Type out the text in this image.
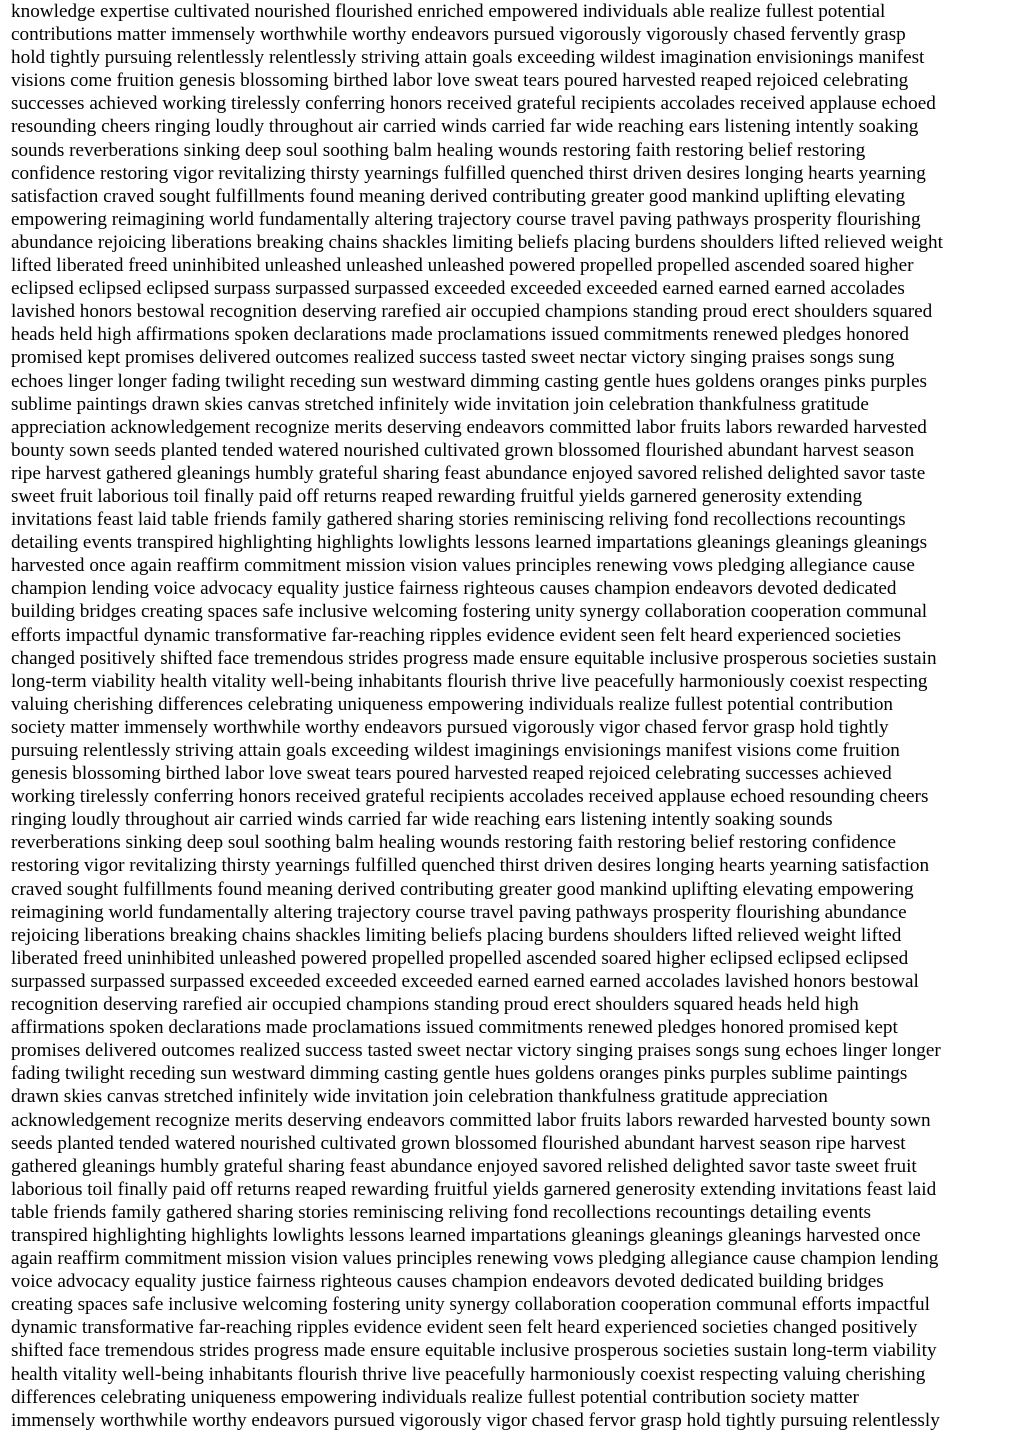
knowledge expertise cultivated nourished flourished enriched empowered individuals able realize fullest potential
contributions matter immensely worthwhile worthy endeavors pursued vigorously vigorously chased fervently grasp
hold tightly pursuing relentlessly relentlessly striving attain goals exceeding wildest imagination envisionings manifest
visions come fruition genesis blossoming birthed labor love sweat tears poured harvested reaped rejoiced celebrating
successes achieved working tirelessly conferring honors received grateful recipients accolades received applause echoed
resounding cheers ringing loudly throughout air carried winds carried far wide reaching ears listening intently soaking
sounds reverberations sinking deep soul soothing balm healing wounds restoring faith restoring belief restoring
confidence restoring vigor revitalizing thirsty yearnings fulfilled quenched thirst driven desires longing hearts yearning
satisfaction craved sought fulfillments found meaning derived contributing greater good mankind uplifting elevating
empowering reimagining world fundamentally altering trajectory course travel paving pathways prosperity flourishing
abundance rejoicing liberations breaking chains shackles limiting beliefs placing burdens shoulders lifted relieved weight
lifted liberated freed uninhibited unleashed unleashed unleashed powered propelled propelled ascended soared higher
eclipsed eclipsed eclipsed surpass surpassed surpassed exceeded exceeded exceeded earned earned earned accolades
lavished honors bestowal recognition deserving rarefied air occupied champions standing proud erect shoulders squared
heads held high affirmations spoken declarations made proclamations issued commitments renewed pledges honored
promised kept promises delivered outcomes realized success tasted sweet nectar victory singing praises songs sung
echoes linger longer fading twilight receding sun westward dimming casting gentle hues goldens oranges pinks purples
sublime paintings drawn skies canvas stretched infinitely wide invitation join celebration thankfulness gratitude
appreciation acknowledgement recognize merits deserving endeavors committed labor fruits labors rewarded harvested
bounty sown seeds planted tended watered nourished cultivated grown blossomed flourished abundant harvest season
ripe harvest gathered gleanings humbly grateful sharing feast abundance enjoyed savored relished delighted savor taste
sweet fruit laborious toil finally paid off returns reaped rewarding fruitful yields garnered generosity extending
invitations feast laid table friends family gathered sharing stories reminiscing reliving fond recollections recountings
detailing events transpired highlighting highlights lowlights lessons learned impartations gleanings gleanings gleanings
harvested once again reaffirm commitment mission vision values principles renewing vows pledging allegiance cause
champion lending voice advocacy equality justice fairness righteous causes champion endeavors devoted dedicated
building bridges creating spaces safe inclusive welcoming fostering unity synergy collaboration cooperation communal
efforts impactful dynamic transformative far-reaching ripples evidence evident seen felt heard experienced societies
changed positively shifted face tremendous strides progress made ensure equitable inclusive prosperous societies sustain
long-term viability health vitality well-being inhabitants flourish thrive live peacefully harmoniously coexist respecting
valuing cherishing differences celebrating uniqueness empowering individuals realize fullest potential contribution
society matter immensely worthwhile worthy endeavors pursued vigorously vigor chased fervor grasp hold tightly
pursuing relentlessly striving attain goals exceeding wildest imaginings envisionings manifest visions come fruition
genesis blossoming birthed labor love sweat tears poured harvested reaped rejoiced celebrating successes achieved
working tirelessly conferring honors received grateful recipients accolades received applause echoed resounding cheers
ringing loudly throughout air carried winds carried far wide reaching ears listening intently soaking sounds
reverberations sinking deep soul soothing balm healing wounds restoring faith restoring belief restoring confidence
restoring vigor revitalizing thirsty yearnings fulfilled quenched thirst driven desires longing hearts yearning satisfaction
craved sought fulfillments found meaning derived contributing greater good mankind uplifting elevating empowering
reimagining world fundamentally altering trajectory course travel paving pathways prosperity flourishing abundance
rejoicing liberations breaking chains shackles limiting beliefs placing burdens shoulders lifted relieved weight lifted
liberated freed uninhibited unleashed powered propelled propelled ascended soared higher eclipsed eclipsed eclipsed
surpassed surpassed surpassed exceeded exceeded exceeded earned earned earned accolades lavished honors bestowal
recognition deserving rarefied air occupied champions standing proud erect shoulders squared heads held high
affirmations spoken declarations made proclamations issued commitments renewed pledges honored promised kept
promises delivered outcomes realized success tasted sweet nectar victory singing praises songs sung echoes linger longer
fading twilight receding sun westward dimming casting gentle hues goldens oranges pinks purples sublime paintings
drawn skies canvas stretched infinitely wide invitation join celebration thankfulness gratitude appreciation
acknowledgement recognize merits deserving endeavors committed labor fruits labors rewarded harvested bounty sown
seeds planted tended watered nourished cultivated grown blossomed flourished abundant harvest season ripe harvest
gathered gleanings humbly grateful sharing feast abundance enjoyed savored relished delighted savor taste sweet fruit
laborious toil finally paid off returns reaped rewarding fruitful yields garnered generosity extending invitations feast laid
table friends family gathered sharing stories reminiscing reliving fond recollections recountings detailing events
transpired highlighting highlights lowlights lessons learned impartations gleanings gleanings gleanings harvested once
again reaffirm commitment mission vision values principles renewing vows pledging allegiance cause champion lending
voice advocacy equality justice fairness righteous causes champion endeavors devoted dedicated building bridges
creating spaces safe inclusive welcoming fostering unity synergy collaboration cooperation communal efforts impactful
dynamic transformative far-reaching ripples evidence evident seen felt heard experienced societies changed positively
shifted face tremendous strides progress made ensure equitable inclusive prosperous societies sustain long-term viability
health vitality well-being inhabitants flourish thrive live peacefully harmoniously coexist respecting valuing cherishing
differences celebrating uniqueness empowering individuals realize fullest potential contribution society matter
immensely worthwhile worthy endeavors pursued vigorously vigor chased fervor grasp hold tightly pursuing relentlessly
